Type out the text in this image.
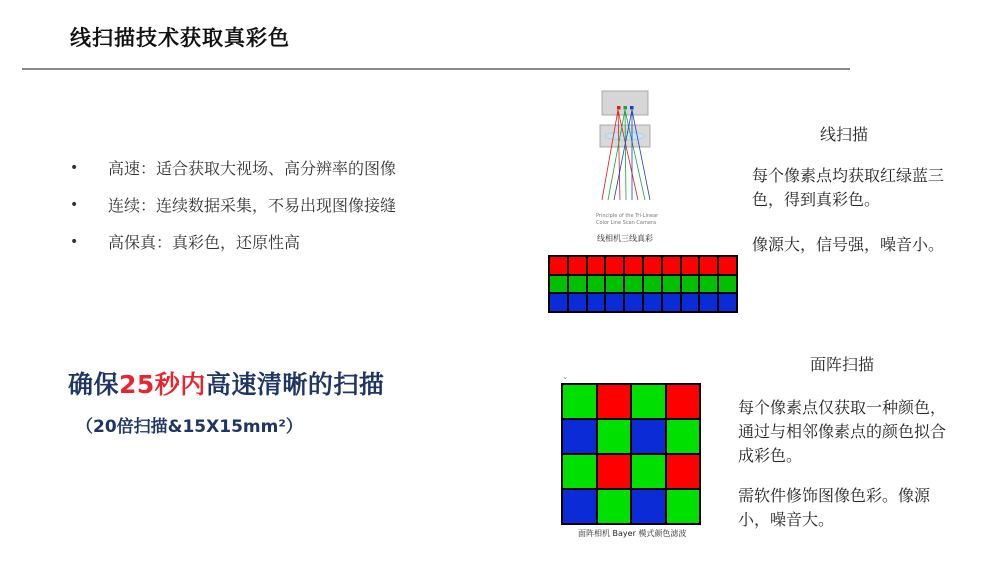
线扫描技术获取真彩色
• 高速：适合获取大视场、高分辨率的图像
• 连续：连续数据采集，不易出现图像接缝
• 高保真：真彩色，还原性高
确保25秒内高速清晰的扫描
（20倍扫描&15X15mm²）
Principle of the Tri-Linear
Color Line Scan Camera
线相机三线真彩
线扫描
每个像素点均获取红绿蓝三色，得到真彩色。
像源大，信号强，噪音小。
⌄
面阵相机 Bayer 模式颜色滤波
面阵扫描
每个像素点仅获取一种颜色，通过与相邻像素点的颜色拟合成彩色。
需软件修饰图像色彩。像源小，噪音大。
